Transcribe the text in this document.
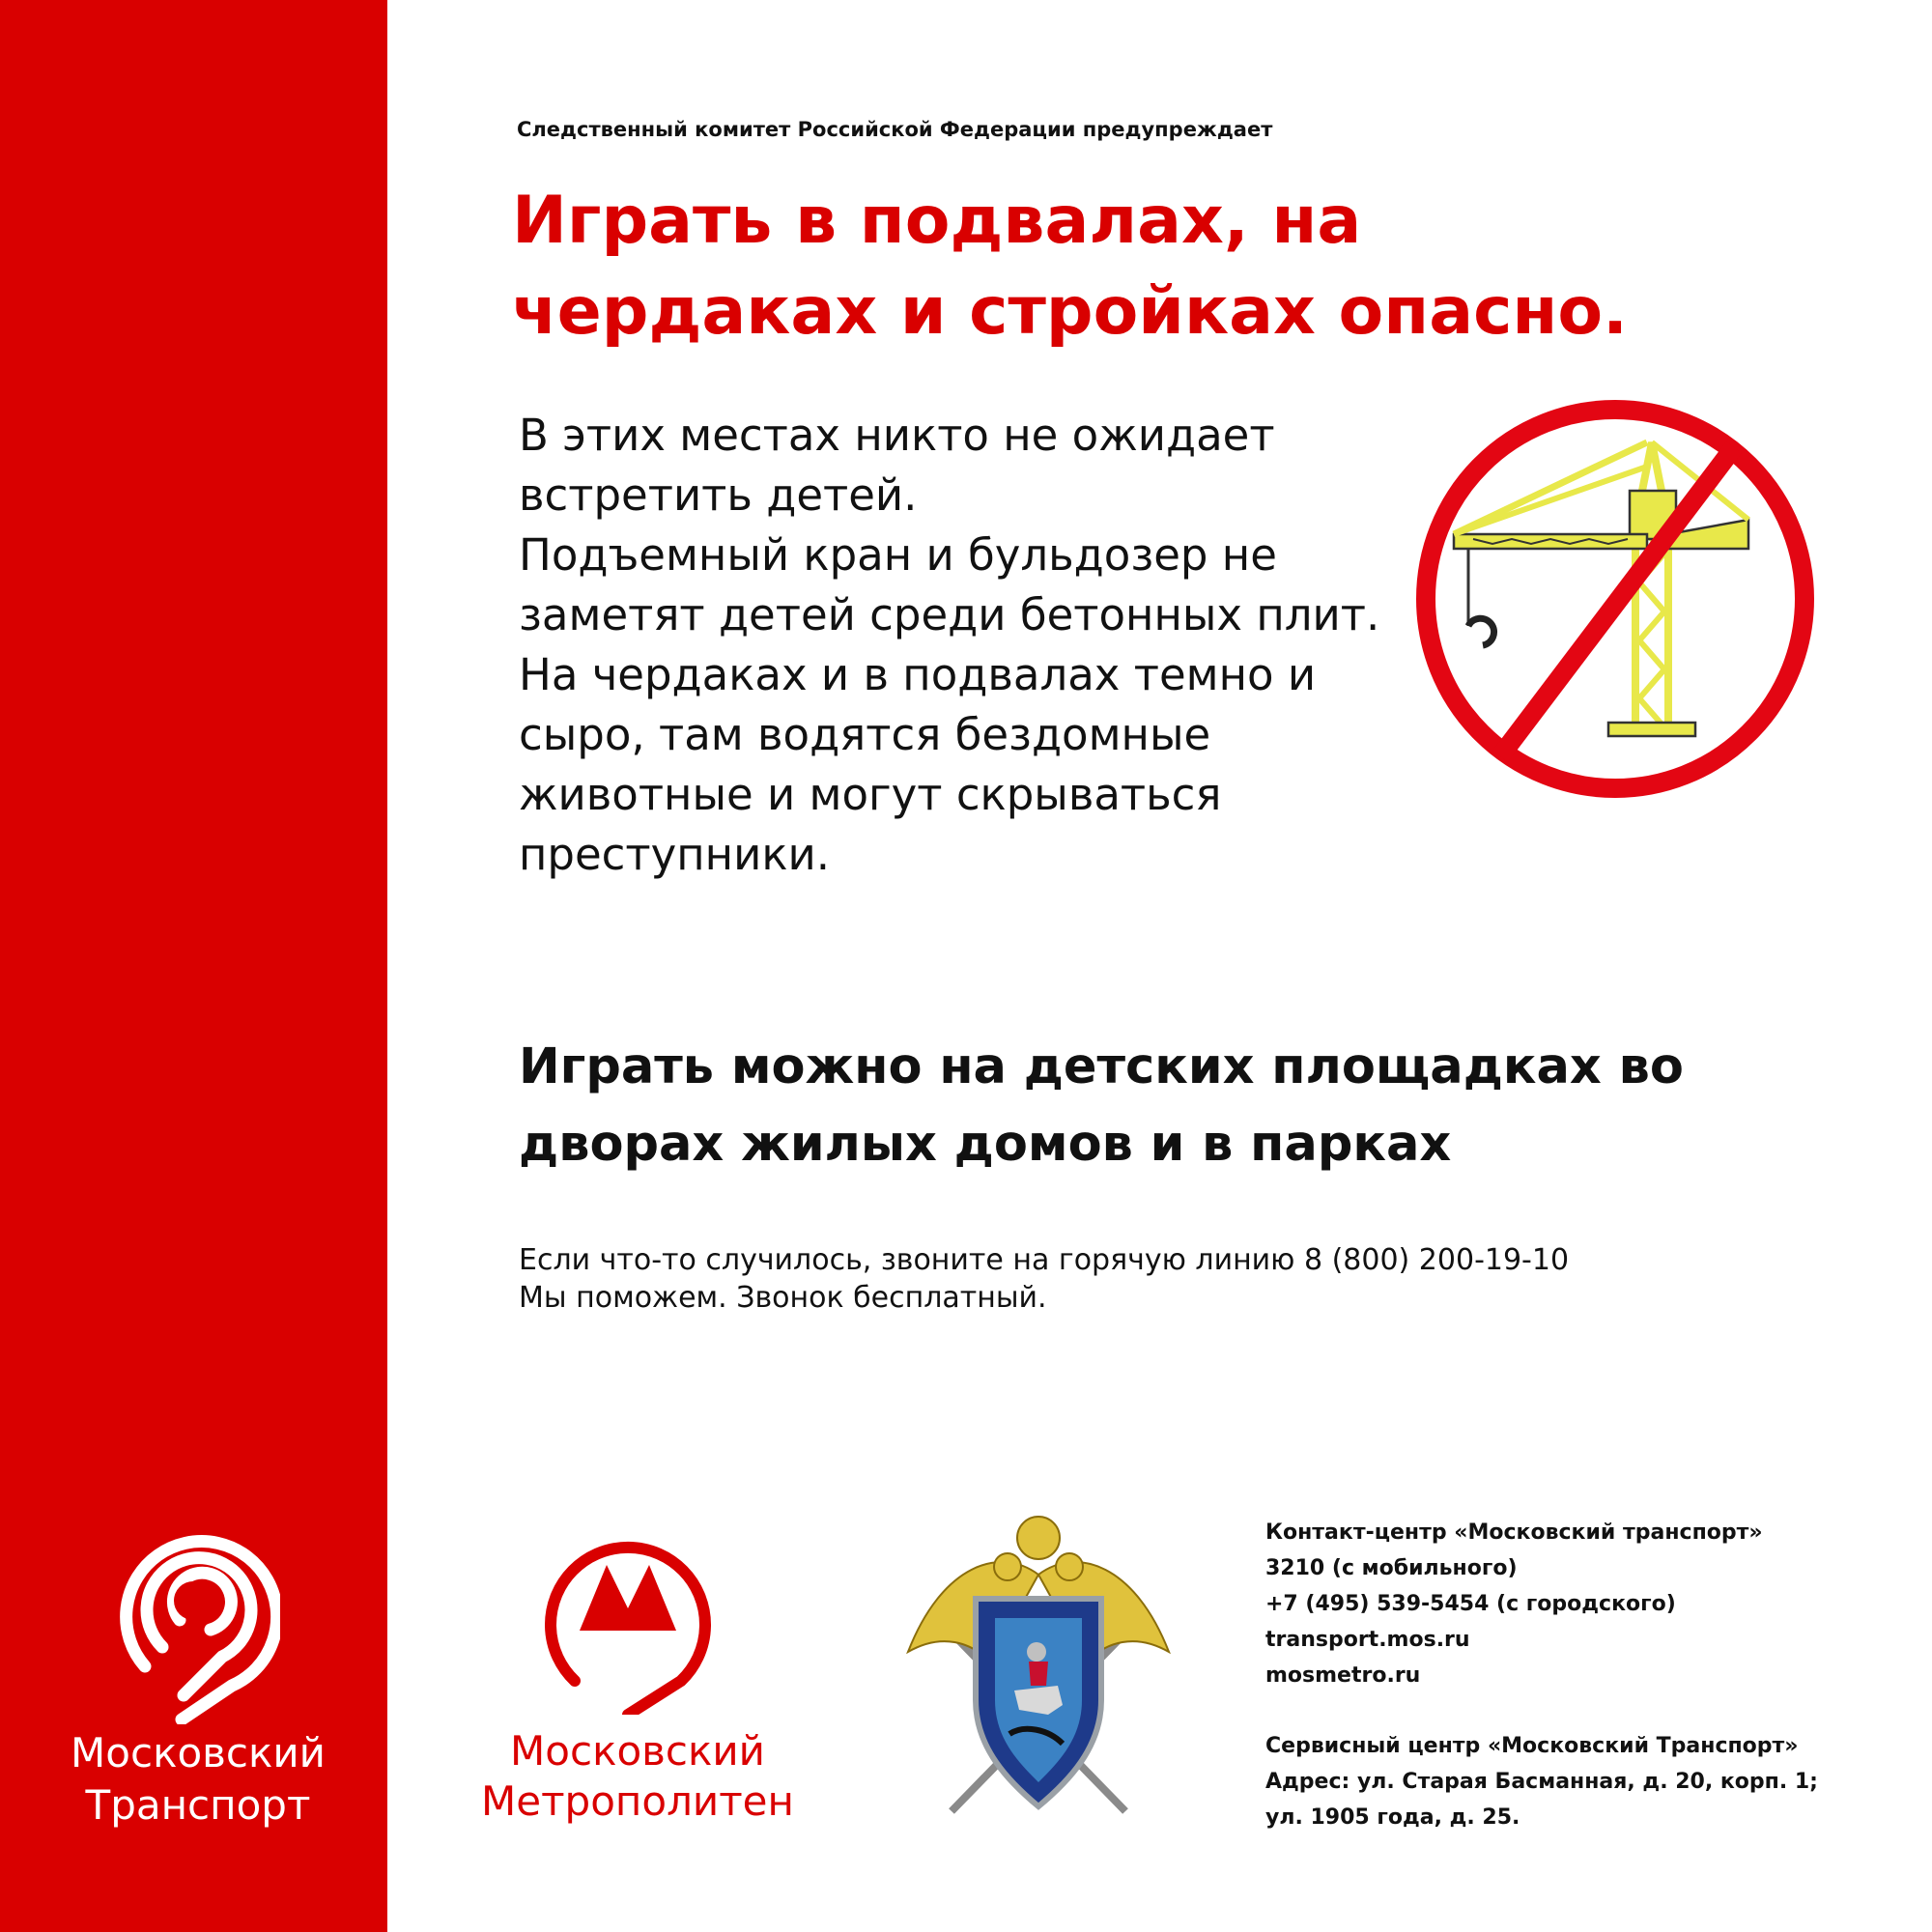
Московский
Транспорт
Следственный комитет Российской Федерации предупреждает
Играть в подвалах, на
чердаках и стройках опасно.

В этих местах никто не ожидает встретить детей.

Подъемный кран и бульдозер не заметят детей среди бетонных плит.

На чердаках и в подвалах темно и сыро, там водятся бездомные животные и могут скрываться преступники.

Играть можно на детских площадках во дворах жилых домов и в парках
Если что-то случилось, звоните на горячую линию 8 (800) 200-19-10
Мы поможем. Звонок бесплатный.
Московский
Метрополитен
Контакт-центр «Московский транспорт»
3210 (с мобильного)
+7 (495) 539-5454 (с городского)
transport.mos.ru
mosmetro.ru
Сервисный центр «Московский Транспорт»
Адрес: ул. Старая Басманная, д. 20, корп. 1;
ул. 1905 года, д. 25.
